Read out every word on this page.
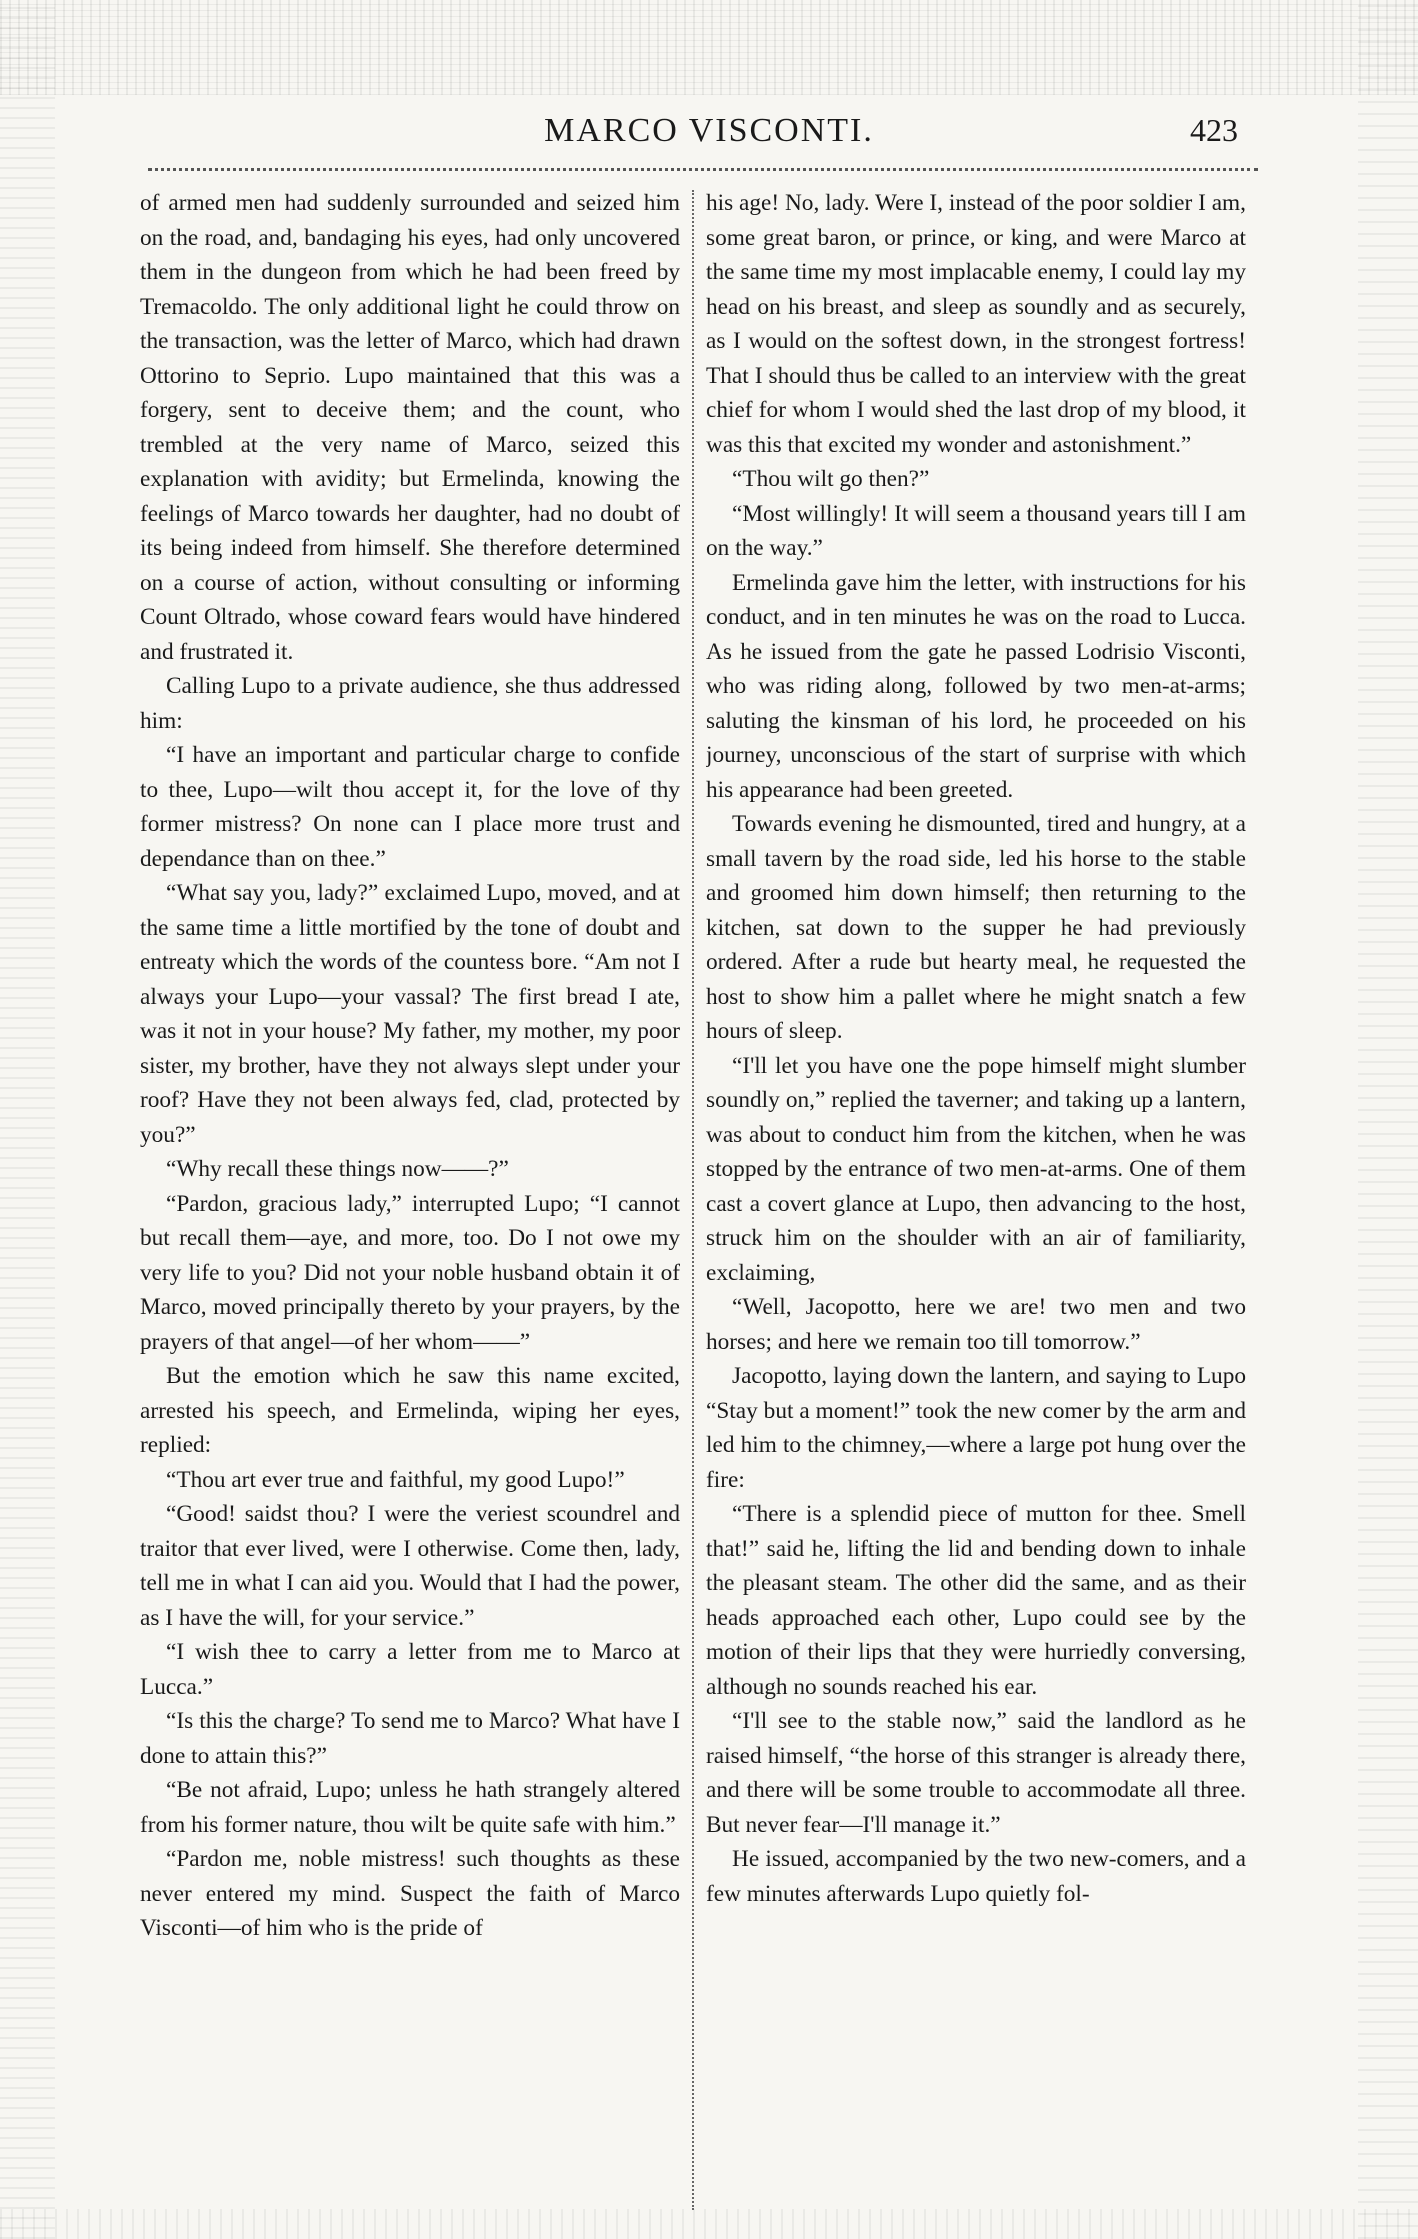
MARCO VISCONTI.	423

of armed men had suddenly surrounded and seized him on the road, and, bandaging his eyes, had only uncovered them in the dungeon from which he had been freed by Tremacoldo. The only additional light he could throw on the transaction, was the letter of Marco, which had drawn Ottorino to Seprio. Lupo maintained that this was a forgery, sent to deceive them; and the count, who trembled at the very name of Marco, seized this explanation with avidity; but Ermelinda, knowing the feelings of Marco towards her daughter, had no doubt of its being indeed from himself. She therefore determined on a course of action, without consulting or informing Count Oltrado, whose coward fears would have hindered and frustrated it.

Calling Lupo to a private audience, she thus addressed him:

“I have an important and particular charge to confide to thee, Lupo—wilt thou accept it, for the love of thy former mistress? On none can I place more trust and dependance than on thee.”

“What say you, lady?” exclaimed Lupo, moved, and at the same time a little mortified by the tone of doubt and entreaty which the words of the countess bore. “Am not I always your Lupo—your vassal? The first bread I ate, was it not in your house? My father, my mother, my poor sister, my brother, have they not always slept under your roof? Have they not been always fed, clad, protected by you?”

“Why recall these things now——?”

“Pardon, gracious lady,” interrupted Lupo; “I cannot but recall them—aye, and more, too. Do I not owe my very life to you? Did not your noble husband obtain it of Marco, moved principally thereto by your prayers, by the prayers of that angel—of her whom——”

But the emotion which he saw this name excited, arrested his speech, and Ermelinda, wiping her eyes, replied:

“Thou art ever true and faithful, my good Lupo!”

“Good! saidst thou? I were the veriest scoundrel and traitor that ever lived, were I otherwise. Come then, lady, tell me in what I can aid you. Would that I had the power, as I have the will, for your service.”

“I wish thee to carry a letter from me to Marco at Lucca.”

“Is this the charge? To send me to Marco? What have I done to attain this?”

“Be not afraid, Lupo; unless he hath strangely altered from his former nature, thou wilt be quite safe with him.”

“Pardon me, noble mistress! such thoughts as these never entered my mind. Suspect the faith of Marco Visconti—of him who is the pride of

his age! No, lady. Were I, instead of the poor soldier I am, some great baron, or prince, or king, and were Marco at the same time my most implacable enemy, I could lay my head on his breast, and sleep as soundly and as securely, as I would on the softest down, in the strongest fortress! That I should thus be called to an interview with the great chief for whom I would shed the last drop of my blood, it was this that excited my wonder and astonishment.”

“Thou wilt go then?”

“Most willingly! It will seem a thousand years till I am on the way.”

Ermelinda gave him the letter, with instructions for his conduct, and in ten minutes he was on the road to Lucca. As he issued from the gate he passed Lodrisio Visconti, who was riding along, followed by two men-at-arms; saluting the kinsman of his lord, he proceeded on his journey, unconscious of the start of surprise with which his appearance had been greeted.

Towards evening he dismounted, tired and hungry, at a small tavern by the road side, led his horse to the stable and groomed him down himself; then returning to the kitchen, sat down to the supper he had previously ordered. After a rude but hearty meal, he requested the host to show him a pallet where he might snatch a few hours of sleep.

“I'll let you have one the pope himself might slumber soundly on,” replied the taverner; and taking up a lantern, was about to conduct him from the kitchen, when he was stopped by the entrance of two men-at-arms. One of them cast a covert glance at Lupo, then advancing to the host, struck him on the shoulder with an air of familiarity, exclaiming,

“Well, Jacopotto, here we are! two men and two horses; and here we remain too till tomorrow.”

Jacopotto, laying down the lantern, and saying to Lupo “Stay but a moment!” took the new comer by the arm and led him to the chimney,—where a large pot hung over the fire:

“There is a splendid piece of mutton for thee. Smell that!” said he, lifting the lid and bending down to inhale the pleasant steam. The other did the same, and as their heads approached each other, Lupo could see by the motion of their lips that they were hurriedly conversing, although no sounds reached his ear.

“I'll see to the stable now,” said the landlord as he raised himself, “the horse of this stranger is already there, and there will be some trouble to accommodate all three. But never fear—I'll manage it.”

He issued, accompanied by the two new-comers, and a few minutes afterwards Lupo quietly fol-
